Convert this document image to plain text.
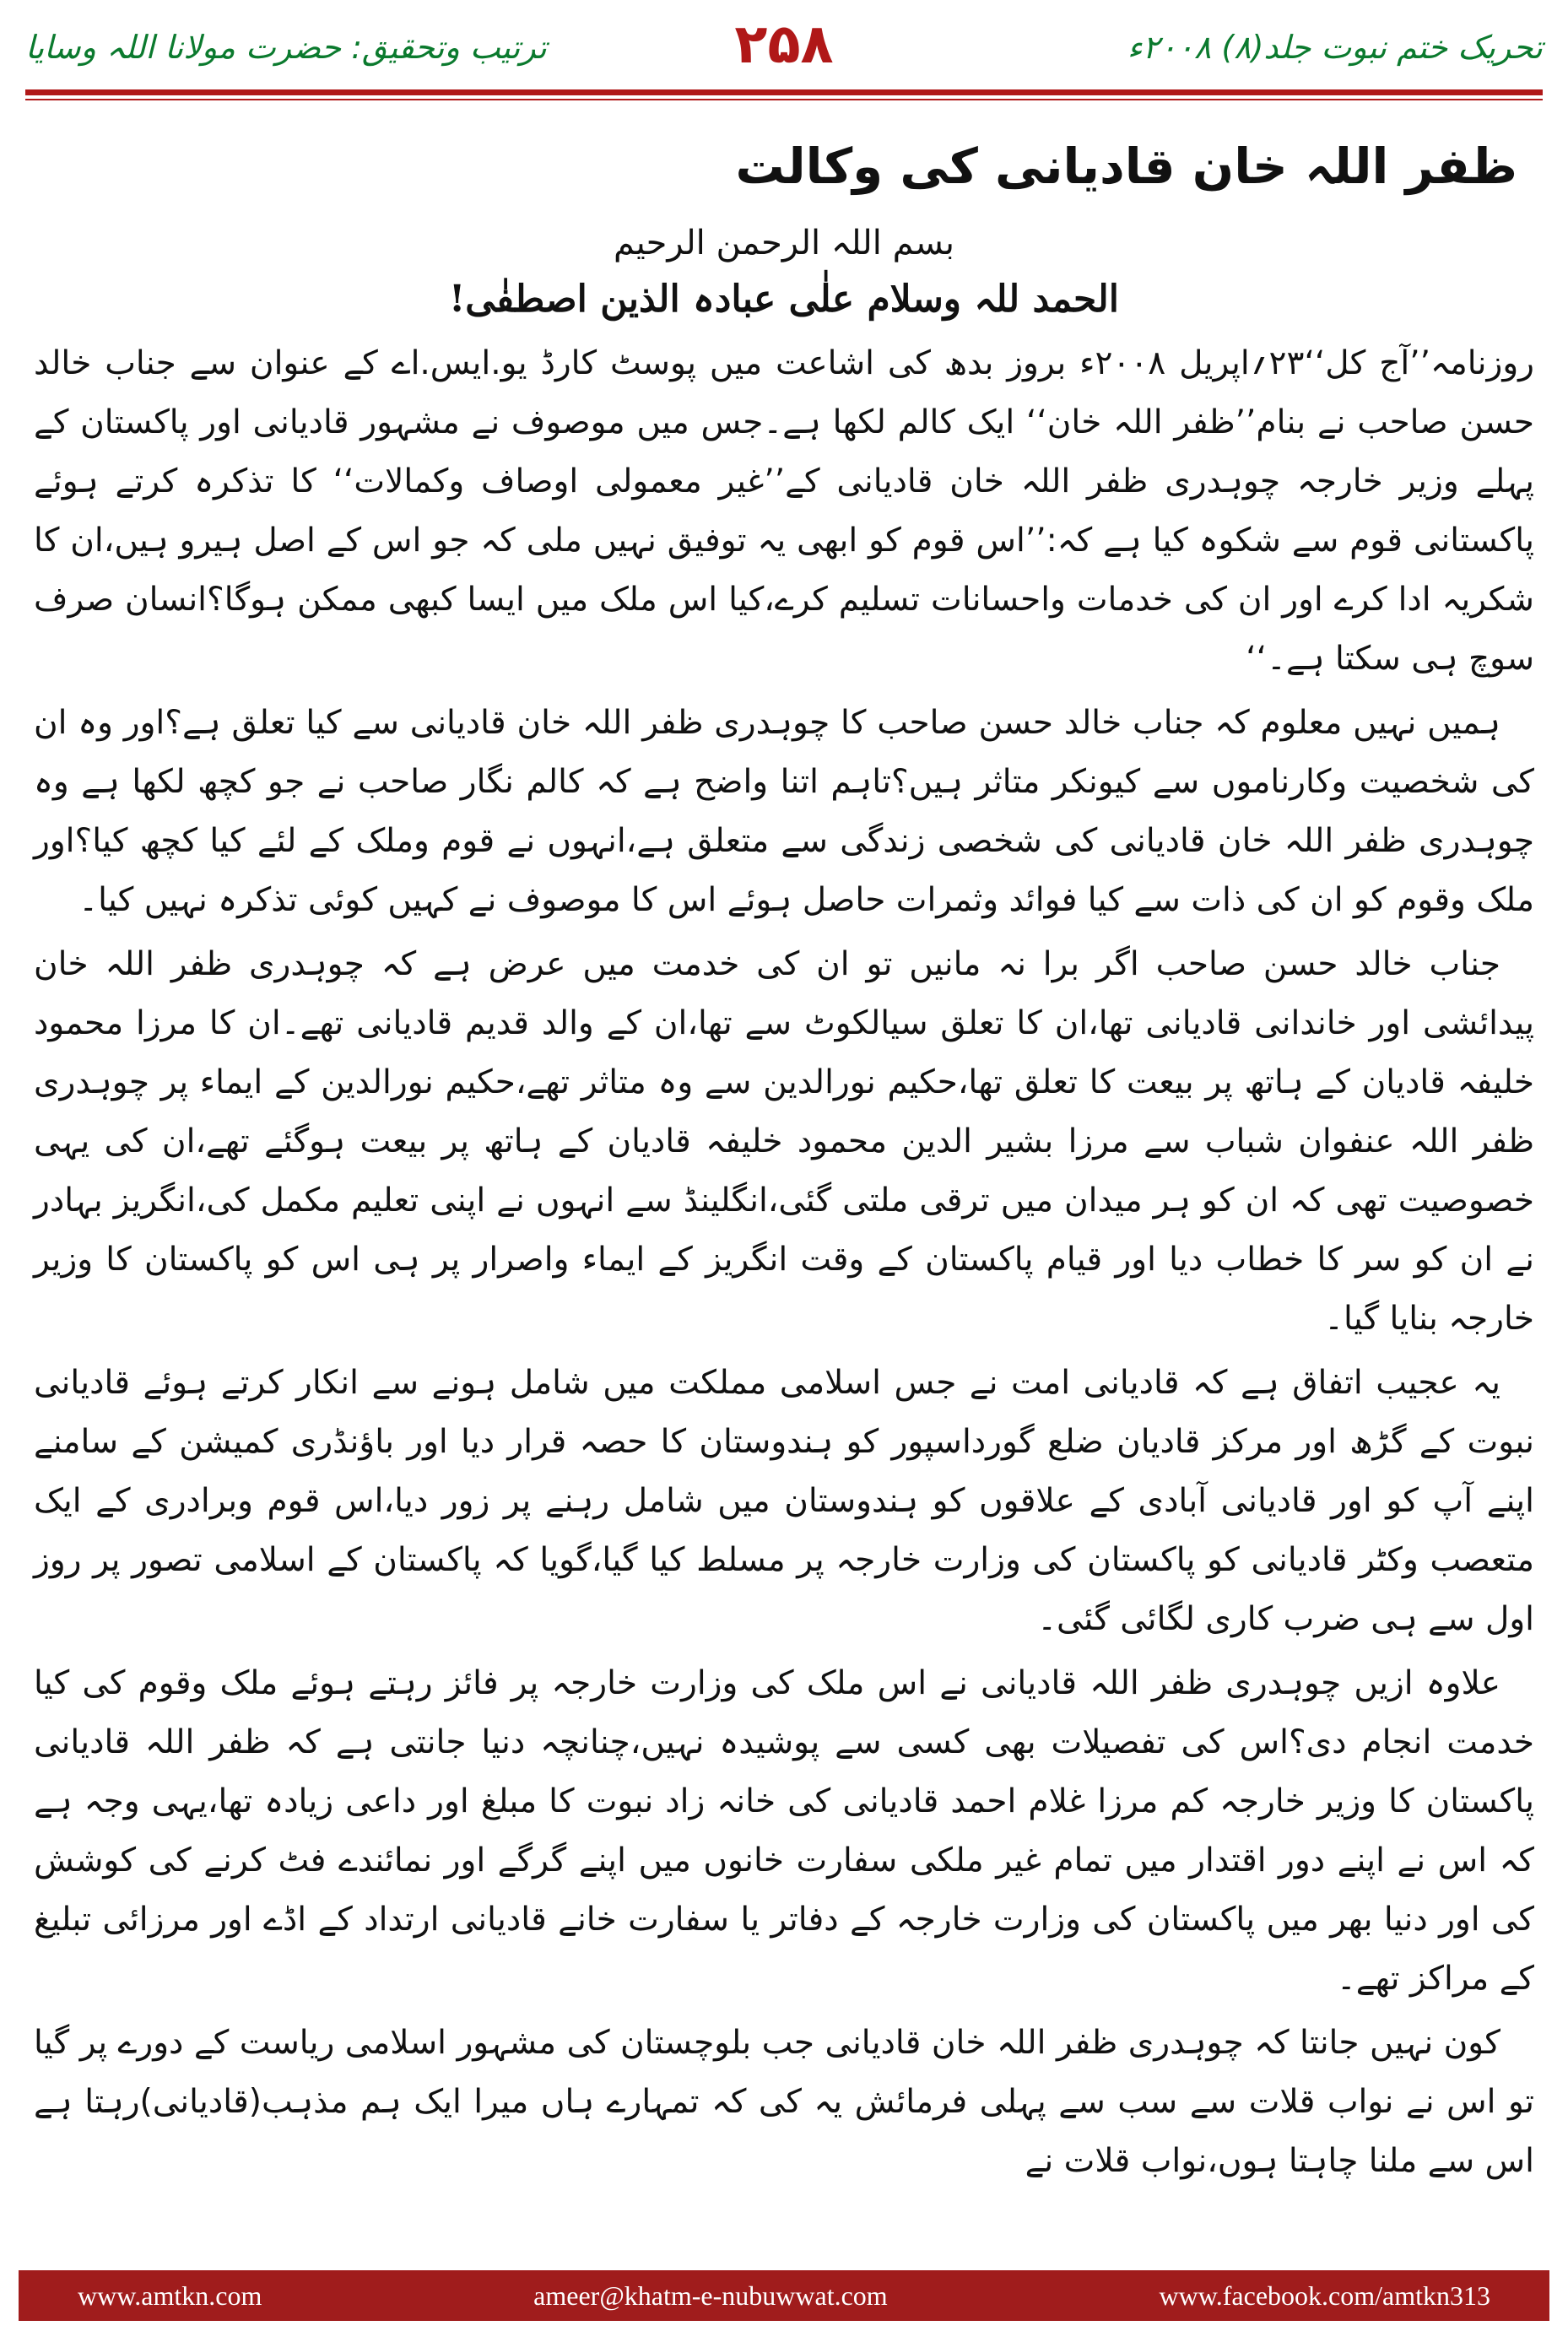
تحریک ختم نبوت جلد(۸) ۲۰۰۸ء
۲۵۸
ترتیب وتحقیق: حضرت مولانا اللہ وسایا
ظفر اللہ خان قادیانی کی وکالت
بسم اللہ الرحمن الرحیم
الحمد للہ وسلام علٰی عبادہ الذین اصطفٰی!

روزنامہ’’آج کل‘‘۲۳؍اپریل ۲۰۰۸ء بروز بدھ کی اشاعت میں پوسٹ کارڈ یو.ایس.اے کے عنوان سے جناب خالد حسن صاحب نے بنام’’ظفر اللہ خان‘‘ ایک کالم لکھا ہے۔جس میں موصوف نے مشہور قادیانی اور پاکستان کے پہلے وزیر خارجہ چوہدری ظفر اللہ خان قادیانی کے’’غیر معمولی اوصاف وکمالات‘‘ کا تذکرہ کرتے ہوئے پاکستانی قوم سے شکوہ کیا ہے کہ:’’اس قوم کو ابھی یہ توفیق نہیں ملی کہ جو اس کے اصل ہیرو ہیں،ان کا شکریہ ادا کرے اور ان کی خدمات واحسانات تسلیم کرے،کیا اس ملک میں ایسا کبھی ممکن ہوگا؟انسان صرف سوچ ہی سکتا ہے۔‘‘

ہمیں نہیں معلوم کہ جناب خالد حسن صاحب کا چوہدری ظفر اللہ خان قادیانی سے کیا تعلق ہے؟اور وہ ان کی شخصیت وکارناموں سے کیونکر متاثر ہیں؟تاہم اتنا واضح ہے کہ کالم نگار صاحب نے جو کچھ لکھا ہے وہ چوہدری ظفر اللہ خان قادیانی کی شخصی زندگی سے متعلق ہے،انہوں نے قوم وملک کے لئے کیا کچھ کیا؟اور ملک وقوم کو ان کی ذات سے کیا فوائد وثمرات حاصل ہوئے اس کا موصوف نے کہیں کوئی تذکرہ نہیں کیا۔

جناب خالد حسن صاحب اگر برا نہ مانیں تو ان کی خدمت میں عرض ہے کہ چوہدری ظفر اللہ خان پیدائشی اور خاندانی قادیانی تھا،ان کا تعلق سیالکوٹ سے تھا،ان کے والد قدیم قادیانی تھے۔ان کا مرزا محمود خلیفہ قادیان کے ہاتھ پر بیعت کا تعلق تھا،حکیم نورالدین سے وہ متاثر تھے،حکیم نورالدین کے ایماء پر چوہدری ظفر اللہ عنفوان شباب سے مرزا بشیر الدین محمود خلیفہ قادیان کے ہاتھ پر بیعت ہوگئے تھے،ان کی یہی خصوصیت تھی کہ ان کو ہر میدان میں ترقی ملتی گئی،انگلینڈ سے انہوں نے اپنی تعلیم مکمل کی،انگریز بہادر نے ان کو سر کا خطاب دیا اور قیام پاکستان کے وقت انگریز کے ایماء واصرار پر ہی اس کو پاکستان کا وزیر خارجہ بنایا گیا۔

یہ عجیب اتفاق ہے کہ قادیانی امت نے جس اسلامی مملکت میں شامل ہونے سے انکار کرتے ہوئے قادیانی نبوت کے گڑھ اور مرکز قادیان ضلع گورداسپور کو ہندوستان کا حصہ قرار دیا اور باؤنڈری کمیشن کے سامنے اپنے آپ کو اور قادیانی آبادی کے علاقوں کو ہندوستان میں شامل رہنے پر زور دیا،اس قوم وبرادری کے ایک متعصب وکٹر قادیانی کو پاکستان کی وزارت خارجہ پر مسلط کیا گیا،گویا کہ پاکستان کے اسلامی تصور پر روز اول سے ہی ضرب کاری لگائی گئی۔

علاوہ ازیں چوہدری ظفر اللہ قادیانی نے اس ملک کی وزارت خارجہ پر فائز رہتے ہوئے ملک وقوم کی کیا خدمت انجام دی؟اس کی تفصیلات بھی کسی سے پوشیدہ نہیں،چنانچہ دنیا جانتی ہے کہ ظفر اللہ قادیانی پاکستان کا وزیر خارجہ کم مرزا غلام احمد قادیانی کی خانہ زاد نبوت کا مبلغ اور داعی زیادہ تھا،یہی وجہ ہے کہ اس نے اپنے دور اقتدار میں تمام غیر ملکی سفارت خانوں میں اپنے گرگے اور نمائندے فٹ کرنے کی کوشش کی اور دنیا بھر میں پاکستان کی وزارت خارجہ کے دفاتر یا سفارت خانے قادیانی ارتداد کے اڈے اور مرزائی تبلیغ کے مراکز تھے۔

کون نہیں جانتا کہ چوہدری ظفر اللہ خان قادیانی جب بلوچستان کی مشہور اسلامی ریاست کے دورے پر گیا تو اس نے نواب قلات سے سب سے پہلی فرمائش یہ کی کہ تمہارے ہاں میرا ایک ہم مذہب(قادیانی)رہتا ہے اس سے ملنا چاہتا ہوں،نواب قلات نے

www.amtkn.com	ameer@khatm-e-nubuwwat.com	www.facebook.com/amtkn313
